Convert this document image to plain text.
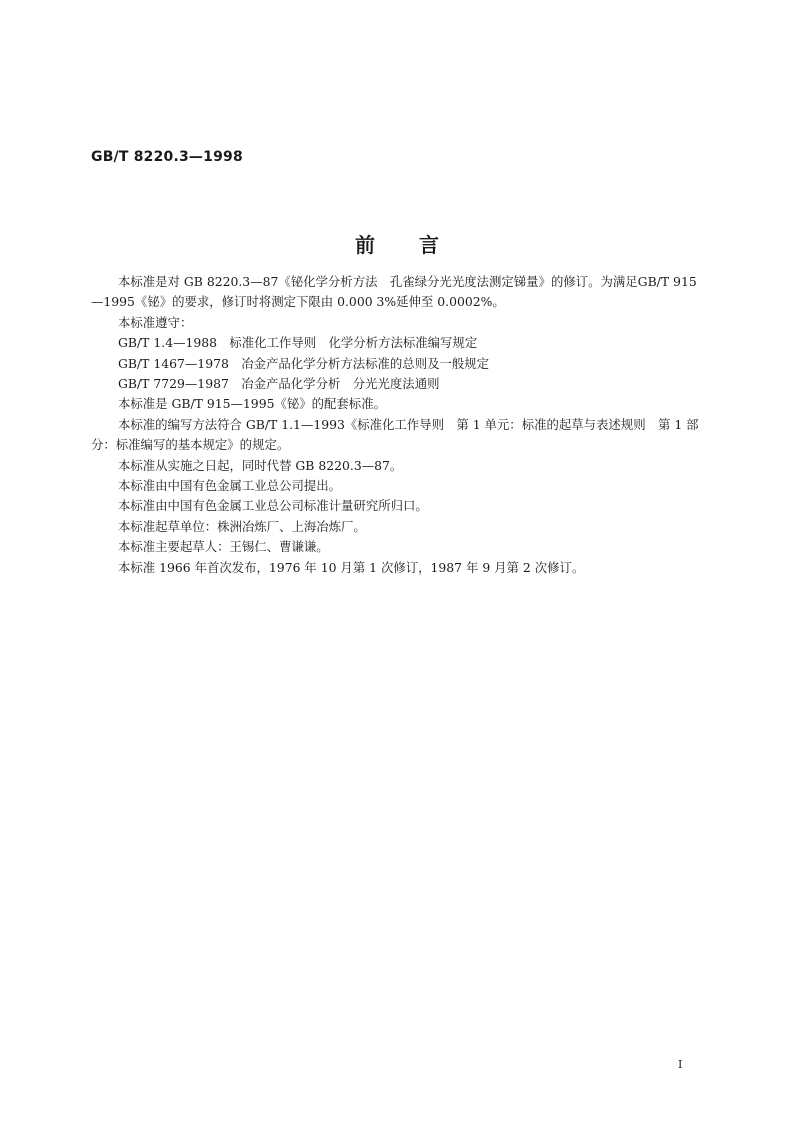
GB/T 8220.3—1998
前言

本标准是对 GB 8220.3—87《铋化学分析方法　孔雀绿分光光度法测定锑量》的修订。为满足GB/T 915—1995《铋》的要求，修订时将测定下限由 0.000 3%延伸至 0.0002%。

本标准遵守：

GB/T 1.4—1988　标准化工作导则　化学分析方法标准编写规定

GB/T 1467—1978　冶金产品化学分析方法标准的总则及一般规定

GB/T 7729—1987　冶金产品化学分析　分光光度法通则

本标准是 GB/T 915—1995《铋》的配套标准。

本标准的编写方法符合 GB/T 1.1—1993《标准化工作导则　第 1 单元：标准的起草与表述规则　第 1 部分：标准编写的基本规定》的规定。

本标准从实施之日起，同时代替 GB 8220.3—87。

本标准由中国有色金属工业总公司提出。

本标准由中国有色金属工业总公司标准计量研究所归口。

本标准起草单位：株洲冶炼厂、上海冶炼厂。

本标准主要起草人：王锡仁、曹谦谦。

本标准 1966 年首次发布，1976 年 10 月第 1 次修订，1987 年 9 月第 2 次修订。

I
